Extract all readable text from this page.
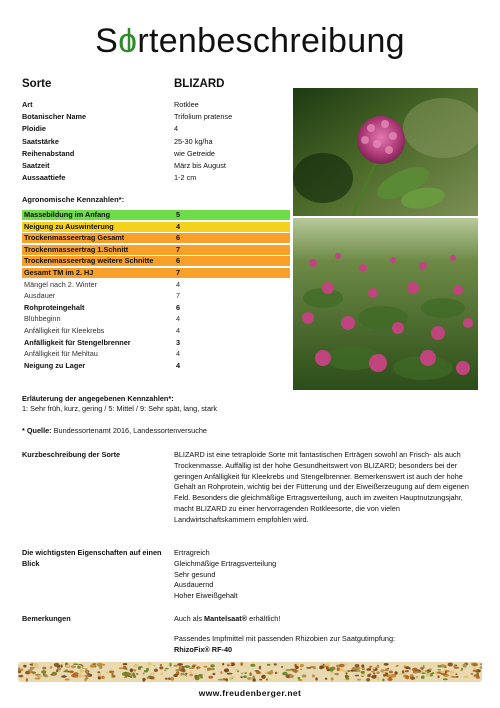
So
rtenbeschreibung
Sorte	BLIZARD
Art	Rotklee
Botanischer Name	Trifolium pratense
Ploidie	4
Saatstärke	25-30 kg/ha
Reihenabstand	wie Getreide
Saatzeit	März bis August
Aussaattiefe	1-2 cm
Agronomische Kennzahlen*:
Massebildung im Anfang	5
Neigung zu Auswinterung	4
Trockenmasseertrag Gesamt	6
Trockenmasseertrag 1.Schnitt	7
Trockenmasseertrag weitere Schnitte	6
Gesamt TM im 2. HJ	7
Mängel nach 2. Winter	4
Ausdauer	7
Rohproteingehalt	6
Blühbeginn	4
Anfälligkeit für Kleekrebs	4
Anfälligkeit für Stengelbrenner	3
Anfälligkeit für Mehltau	4
Neigung zu Lager	4
Erläuterung der angegebenen Kennzahlen*:
1: Sehr früh, kurz, gering / 5: Mittel / 9: Sehr spät, lang, stark
* Quelle: Bundessortenamt 2016, Landessortenversuche
Kurzbeschreibung der Sorte	BLIZARD ist eine tetraploide Sorte mit fantastischen Erträgen sowohl an Frisch- als auch Trockenmasse. Auffällig ist der hohe Gesundheitswert von BLIZARD; besonders bei der geringen Anfälligkeit für Kleekrebs und Stengelbrenner. Bemerkenswert ist auch der hohe Gehalt an Rohprotein, wichtig bei der Fütterung und der Eiweißerzeugung auf dem eigenen Feld. Besonders die gleichmäßige Ertragsverteilung, auch im zweiten Hauptnutzungsjahr, macht BLIZARD zu einer hervorragenden Rotkleesorte, die von vielen Landwirtschaftskammern empfohlen wird.
Die wichtigsten Eigenschaften auf einen Blick
Ertragreich
Gleichmäßige Ertragsverteilung
Sehr gesund
Ausdauernd
Hoher Eiweißgehalt
Bemerkungen	Auch als Mantelsaat® erhältlich!
Passendes Impfmittel mit passenden Rhizobien zur Saatgutimpfung:
RhizoFix® RF-40
www.freudenberger.net
